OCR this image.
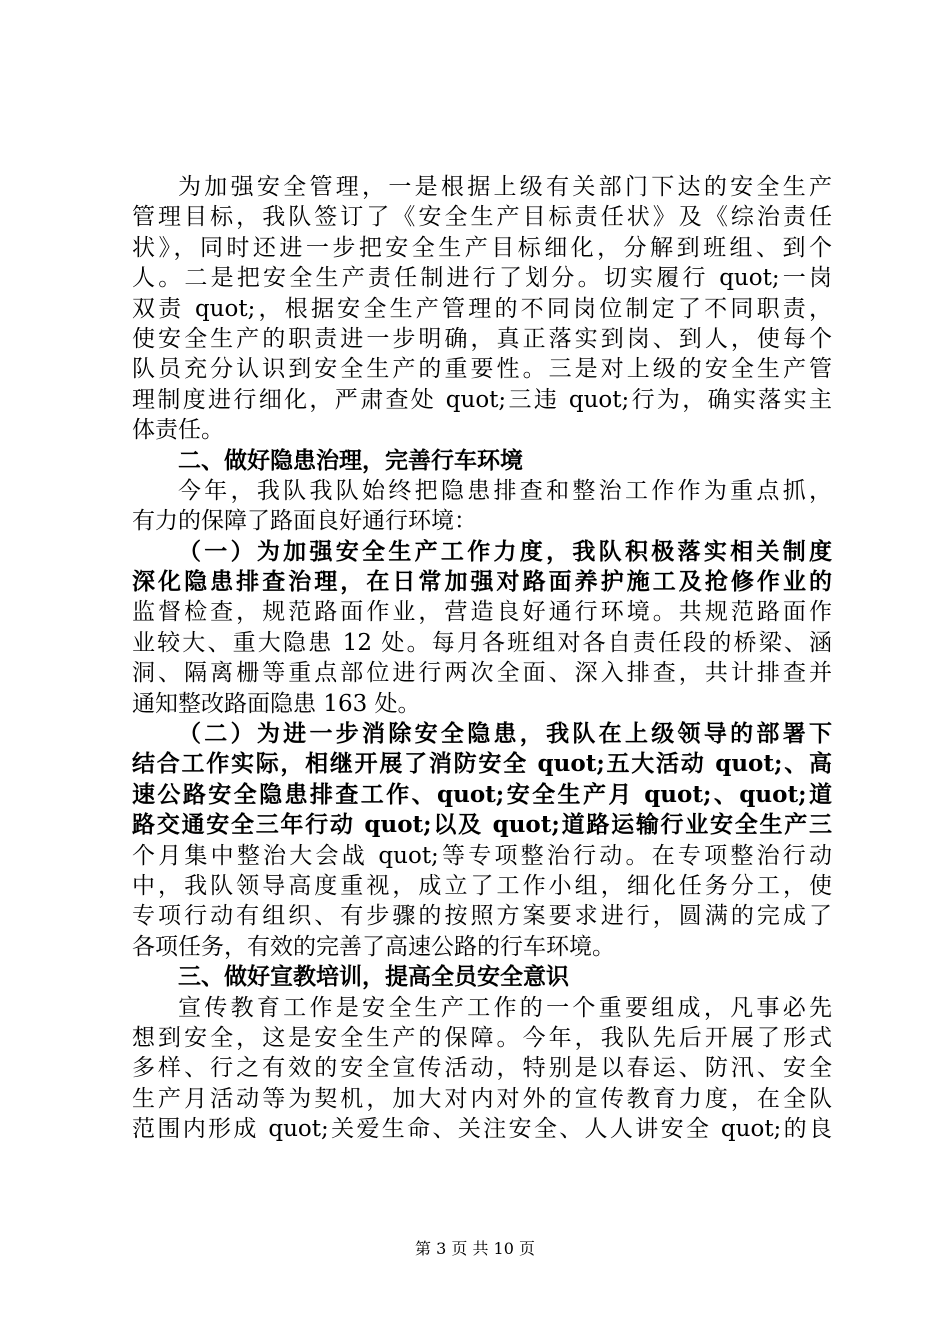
为加强安全管理，一是根据上级有关部门下达的安全生产
管理目标，我队签订了《安全生产目标责任状》及《综治责任
状》，同时还进一步把安全生产目标细化，分解到班组、到个
人。二是把安全生产责任制进行了划分。切实履行 quot;一岗
双责 quot;，根据安全生产管理的不同岗位制定了不同职责，
使安全生产的职责进一步明确，真正落实到岗、到人，使每个
队员充分认识到安全生产的重要性。三是对上级的安全生产管
理制度进行细化，严肃查处 quot;三违 quot;行为，确实落实主
体责任。
二、做好隐患治理，完善行车环境
今年，我队我队始终把隐患排查和整治工作作为重点抓，
有力的保障了路面良好通行环境：
（一）为加强安全生产工作力度，我队积极落实相关制度
深化隐患排查治理，在日常加强对路面养护施工及抢修作业的
监督检查，规范路面作业，营造良好通行环境。共规范路面作
业较大、重大隐患 12 处。每月各班组对各自责任段的桥梁、涵
洞、隔离栅等重点部位进行两次全面、深入排查，共计排查并
通知整改路面隐患 163 处。
（二）为进一步消除安全隐患，我队在上级领导的部署下
结合工作实际，相继开展了消防安全 quot;五大活动 quot;、高
速公路安全隐患排查工作、quot;安全生产月 quot;、quot;道
路交通安全三年行动 quot;以及 quot;道路运输行业安全生产三
个月集中整治大会战 quot;等专项整治行动。在专项整治行动
中，我队领导高度重视，成立了工作小组，细化任务分工，使
专项行动有组织、有步骤的按照方案要求进行，圆满的完成了
各项任务，有效的完善了高速公路的行车环境。
三、做好宣教培训，提高全员安全意识
宣传教育工作是安全生产工作的一个重要组成，凡事必先
想到安全，这是安全生产的保障。今年，我队先后开展了形式
多样、行之有效的安全宣传活动，特别是以春运、防汛、安全
生产月活动等为契机，加大对内对外的宣传教育力度，在全队
范围内形成 quot;关爱生命、关注安全、人人讲安全 quot;的良
第 3 页 共 10 页
